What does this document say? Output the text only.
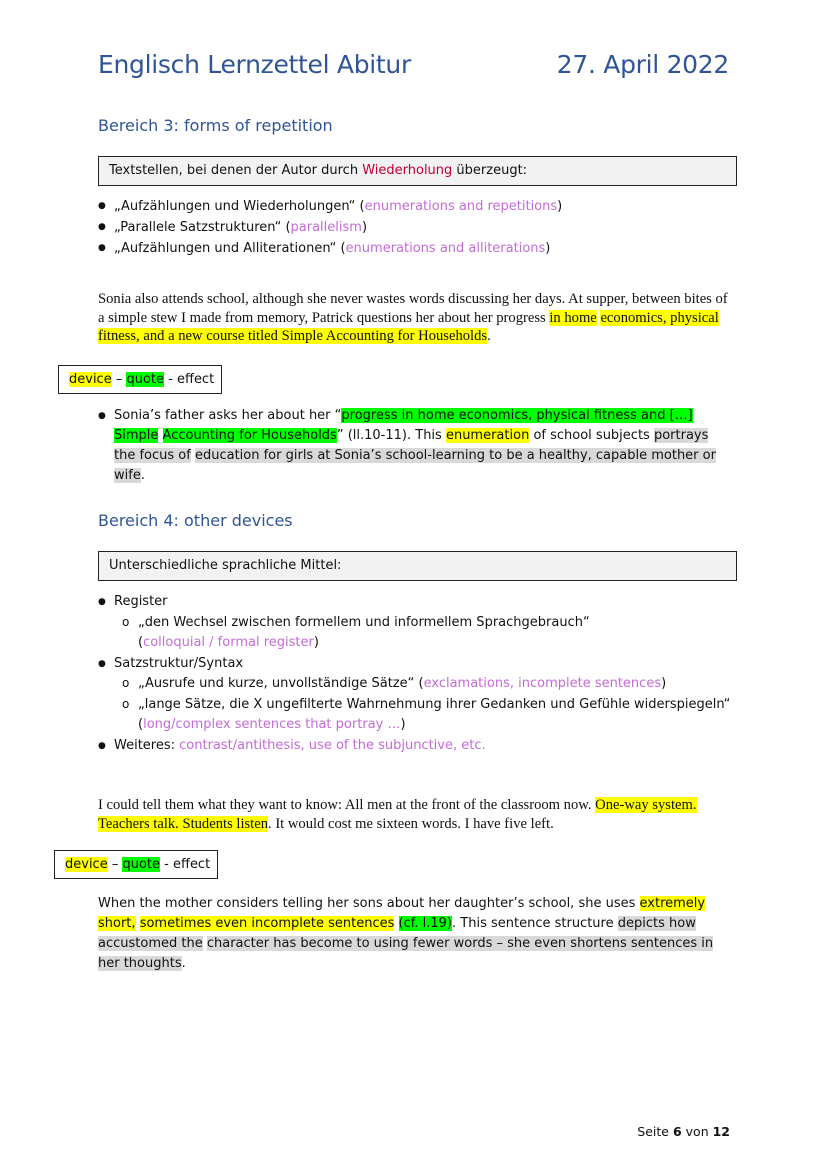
Englisch Lernzettel Abitur	27. April 2022
Bereich 3: forms of repetition
Textstellen, bei denen der Autor durch Wiederholung überzeugt:
● „Aufzählungen und Wiederholungen“ (enumerations and repetitions)
● „Parallele Satzstrukturen“ (parallelism)
● „Aufzählungen und Alliterationen“ (enumerations and alliterations)
Sonia also attends school, although she never wastes words discussing her days. At supper, between bites of a simple stew I made from memory, Patrick questions her about her progress in home economics, physical fitness, and a new course titled Simple Accounting for Households.
device – quote - effect
● Sonia’s father asks her about her “progress in home economics, physical fitness and […] Simple Accounting for Households” (ll.10-11). This enumeration of school subjects portrays the focus of education for girls at Sonia’s school-learning to be a healthy, capable mother or wife.
Bereich 4: other devices
Unterschiedliche sprachliche Mittel:
● Register
o „den Wechsel zwischen formellem und informellem Sprachgebrauch“
(colloquial / formal register)
● Satzstruktur/Syntax
o „Ausrufe und kurze, unvollständige Sätze“ (exclamations, incomplete sentences)
o „lange Sätze, die X ungefilterte Wahrnehmung ihrer Gedanken und Gefühle widerspiegeln“
(long/complex sentences that portray …)
● Weiteres: contrast/antithesis, use of the subjunctive, etc.
I could tell them what they want to know: All men at the front of the classroom now. One-way system. Teachers talk. Students listen. It would cost me sixteen words. I have five left.
device – quote - effect
When the mother considers telling her sons about her daughter’s school, she uses extremely short, sometimes even incomplete sentences (cf. l.19). This sentence structure depicts how accustomed the character has become to using fewer words – she even shortens sentences in her thoughts.
Seite 6 von 12
